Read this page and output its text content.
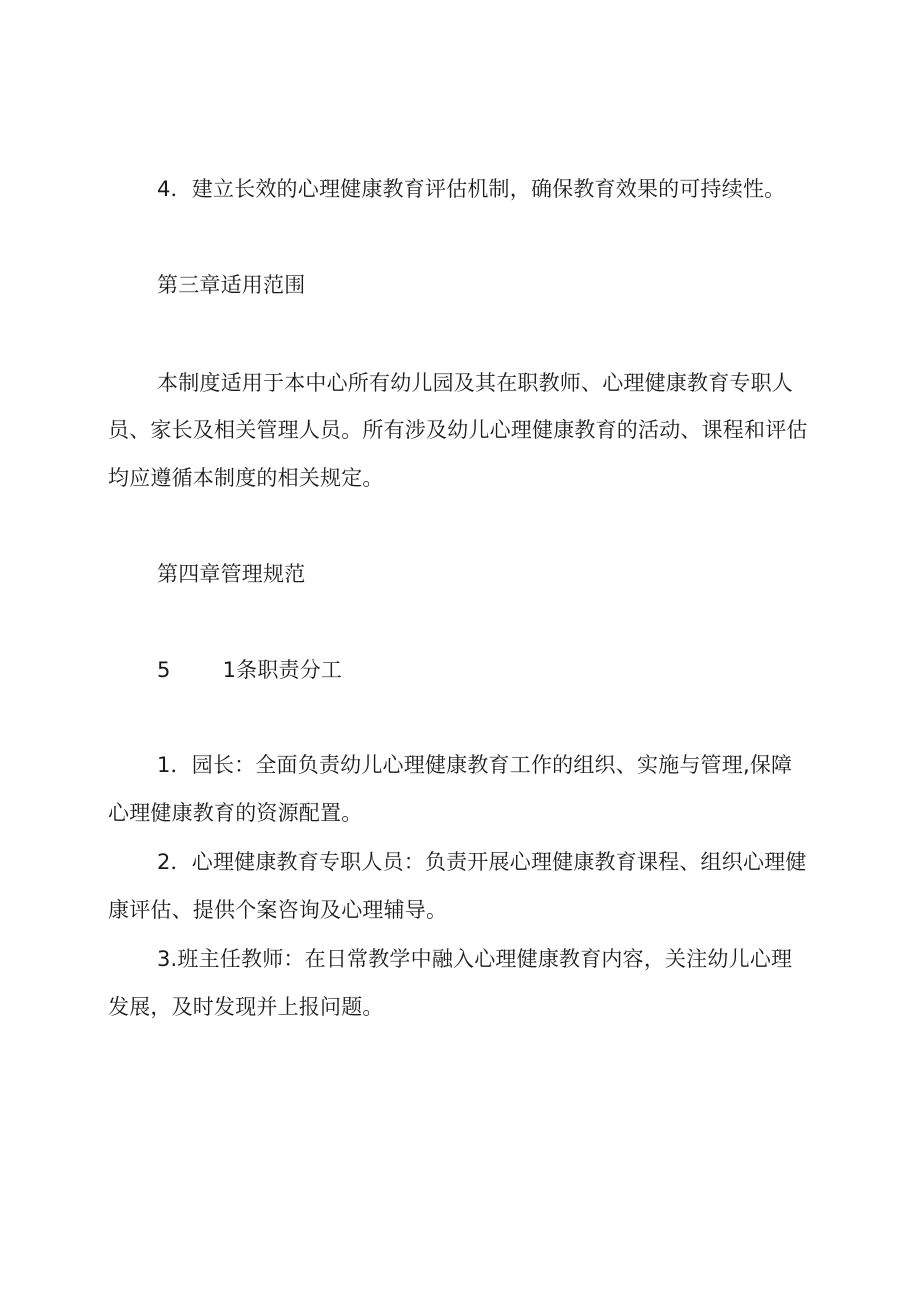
4．建立长效的心理健康教育评估机制，确保教育效果的可持续性。
第三章适用范围
本制度适用于本中心所有幼儿园及其在职教师、心理健康教育专职人
员、家长及相关管理人员。所有涉及幼儿心理健康教育的活动、课程和评估
均应遵循本制度的相关规定。
第四章管理规范
5 1条职责分工
1．园长：全面负责幼儿心理健康教育工作的组织、实施与管理,保障
心理健康教育的资源配置。
2．心理健康教育专职人员：负责开展心理健康教育课程、组织心理健
康评估、提供个案咨询及心理辅导。
3.班主任教师：在日常教学中融入心理健康教育内容，关注幼儿心理
发展，及时发现并上报问题。
